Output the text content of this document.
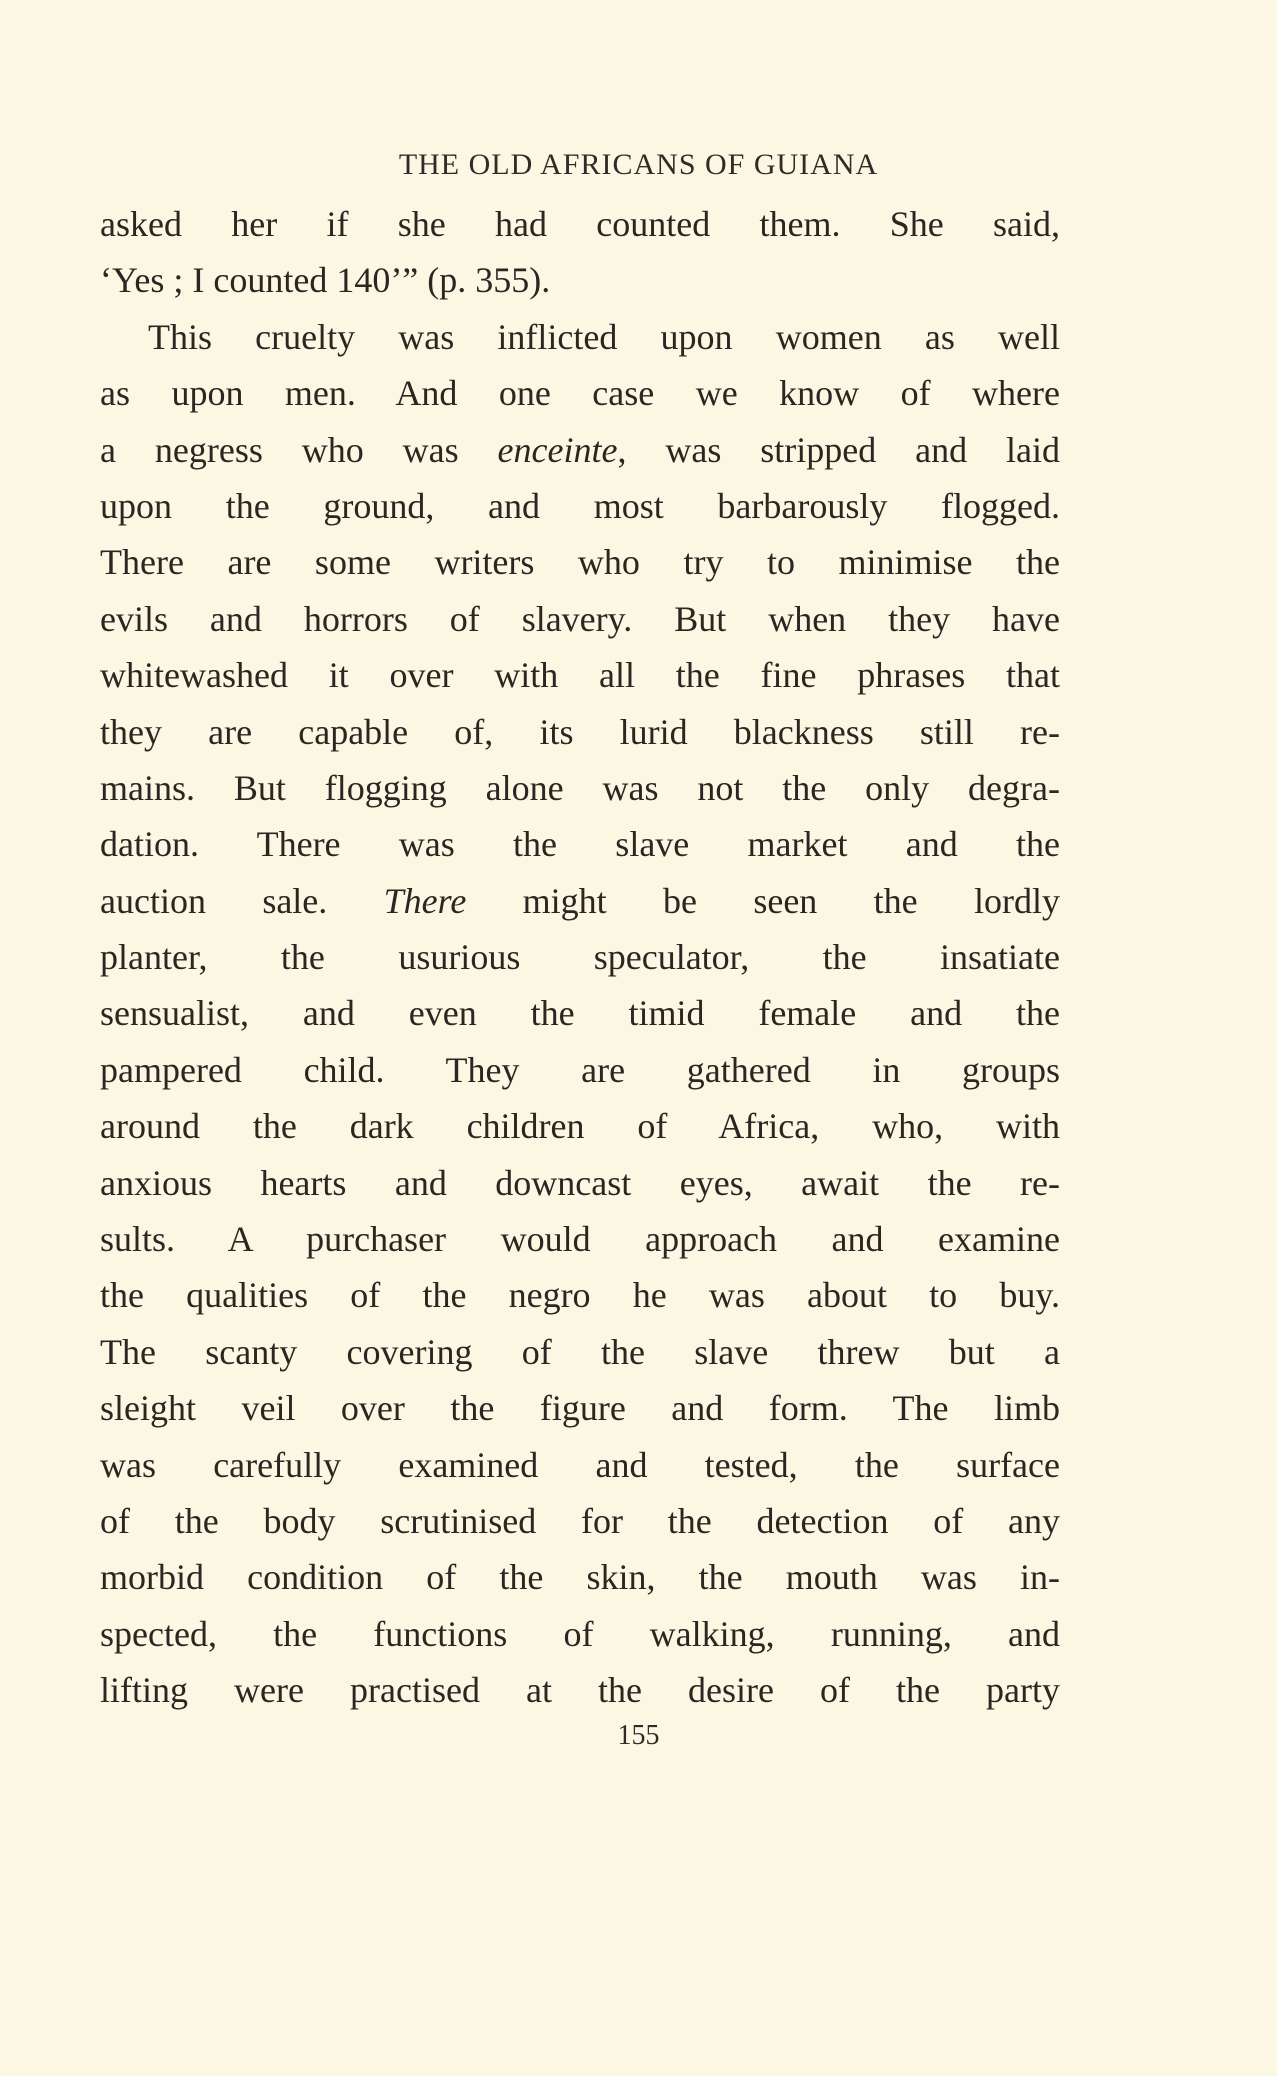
THE OLD AFRICANS OF GUIANA
asked her if she had counted them. She said,
‘Yes ; I counted 140’” (p. 355).
This cruelty was inflicted upon women as well
as upon men. And one case we know of where
a negress who was enceinte, was stripped and laid
upon the ground, and most barbarously flogged.
There are some writers who try to minimise the
evils and horrors of slavery. But when they have
whitewashed it over with all the fine phrases that
they are capable of, its lurid blackness still re-
mains. But flogging alone was not the only degra-
dation. There was the slave market and the
auction sale. There might be seen the lordly
planter, the usurious speculator, the insatiate
sensualist, and even the timid female and the
pampered child. They are gathered in groups
around the dark children of Africa, who, with
anxious hearts and downcast eyes, await the re-
sults. A purchaser would approach and examine
the qualities of the negro he was about to buy.
The scanty covering of the slave threw but a
sleight veil over the figure and form. The limb
was carefully examined and tested, the surface
of the body scrutinised for the detection of any
morbid condition of the skin, the mouth was in-
spected, the functions of walking, running, and
lifting were practised at the desire of the party
155
